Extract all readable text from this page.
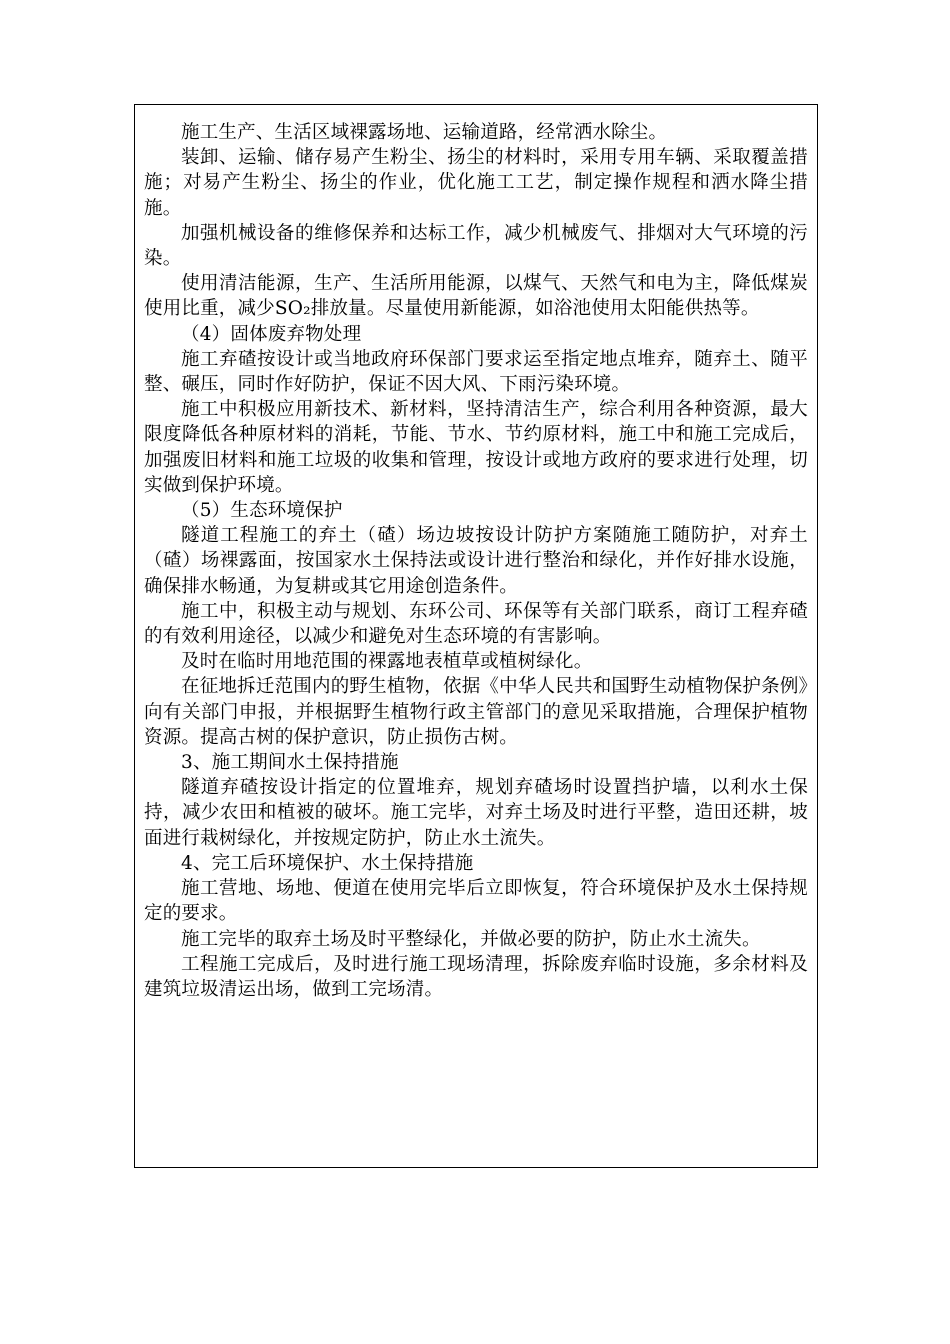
施工生产、生活区域裸露场地、运输道路，经常洒水除尘。

装卸、运输、储存易产生粉尘、扬尘的材料时，采用专用车辆、采取覆盖措施；对易产生粉尘、扬尘的作业，优化施工工艺，制定操作规程和洒水降尘措施。

加强机械设备的维修保养和达标工作，减少机械废气、排烟对大气环境的污染。

使用清洁能源，生产、生活所用能源，以煤气、天然气和电为主，降低煤炭使用比重，减少SO₂排放量。尽量使用新能源，如浴池使用太阳能供热等。

（4）固体废弃物处理

施工弃碴按设计或当地政府环保部门要求运至指定地点堆弃，随弃土、随平整、碾压，同时作好防护，保证不因大风、下雨污染环境。

施工中积极应用新技术、新材料，坚持清洁生产，综合利用各种资源，最大限度降低各种原材料的消耗，节能、节水、节约原材料，施工中和施工完成后，加强废旧材料和施工垃圾的收集和管理，按设计或地方政府的要求进行处理，切实做到保护环境。

（5）生态环境保护

隧道工程施工的弃土（碴）场边坡按设计防护方案随施工随防护，对弃土（碴）场裸露面，按国家水土保持法或设计进行整治和绿化，并作好排水设施，确保排水畅通，为复耕或其它用途创造条件。

施工中，积极主动与规划、东环公司、环保等有关部门联系，商订工程弃碴的有效利用途径，以减少和避免对生态环境的有害影响。

及时在临时用地范围的裸露地表植草或植树绿化。

在征地拆迁范围内的野生植物，依据《中华人民共和国野生动植物保护条例》向有关部门申报，并根据野生植物行政主管部门的意见采取措施，合理保护植物资源。提高古树的保护意识，防止损伤古树。

3、施工期间水土保持措施

隧道弃碴按设计指定的位置堆弃，规划弃碴场时设置挡护墙，以利水土保持，减少农田和植被的破坏。施工完毕，对弃土场及时进行平整，造田还耕，坡面进行栽树绿化，并按规定防护，防止水土流失。

4、完工后环境保护、水土保持措施

施工营地、场地、便道在使用完毕后立即恢复，符合环境保护及水土保持规定的要求。

施工完毕的取弃土场及时平整绿化，并做必要的防护，防止水土流失。

工程施工完成后，及时进行施工现场清理，拆除废弃临时设施，多余材料及建筑垃圾清运出场，做到工完场清。
